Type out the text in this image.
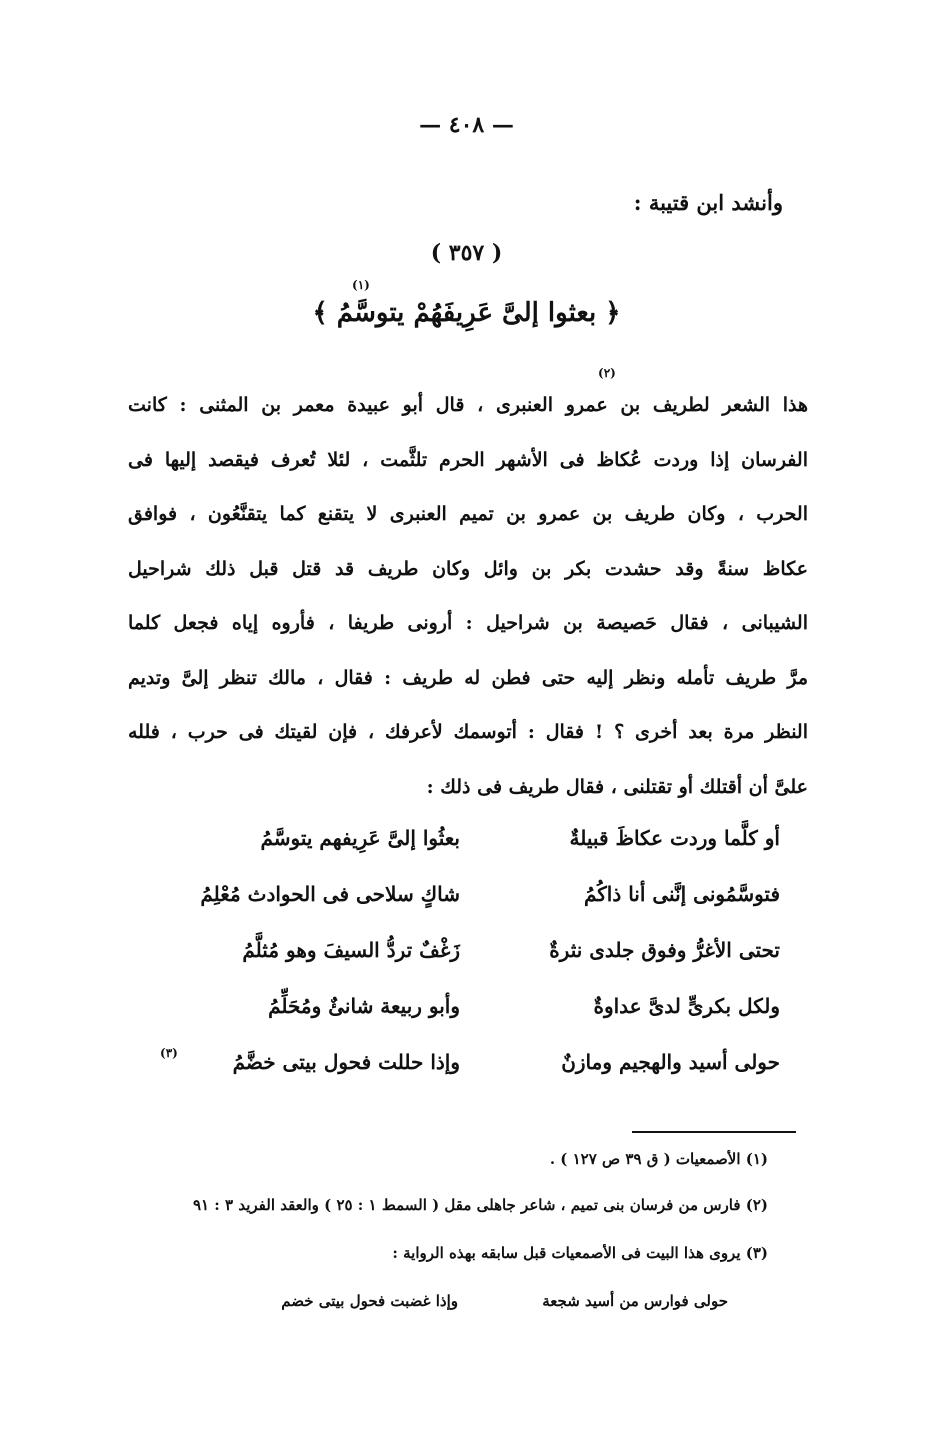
— ٤٠٨ —
وأنشد ابن قتيبة :
( ٣٥٧ )
(١)
﴿ بعثوا إلىَّ عَرِيفَهُمْ يتوسَّمُ ﴾
(٢)
هذا الشعر لطريف بن عمرو العنبرى ، قال أبو عبيدة معمر بن المثنى : كانت
الفرسان إذا وردت عُكاظ فى الأشهر الحرم تلثَّمت ، لئلا تُعرف فيقصد إليها فى
الحرب ، وكان طريف بن عمرو بن تميم العنبرى لا يتقنع كما يتقنَّعُون ، فوافق
عكاظ سنةً وقد حشدت بكر بن وائل وكان طريف قد قتل قبل ذلك شراحيل
الشيبانى ، فقال حَصيصة بن شراحيل : أرونى طريفا ، فأروه إياه فجعل كلما
مرَّ طريف تأمله ونظر إليه حتى فطن له طريف : فقال ، مالك تنظر إلىَّ وتديم
النظر مرة بعد أخرى ؟ ! فقال : أتوسمك لأعرفك ، فإن لقيتك فى حرب ، فلله
علىَّ أن أقتلك أو تقتلنى ، فقال طريف فى ذلك :
أو كلَّما وردت عكاظَ قبيلةٌ
بعثُوا إلىَّ عَرِيفهم يتوسَّمُ
فتوسَّمُونى إنَّنى أنا ذاكُمُ
شاكٍ سلاحى فى الحوادث مُعْلِمُ
تحتى الأغرُّ وفوق جلدى نثرةٌ
زَغْفٌ تردُّ السيفَ وهو مُثلَّمُ
ولكل بكرىٍّ لدىَّ عداوةٌ
وأبو ربيعة شانئٌ ومُحَلِّمُ
حولى أسيد والهجيم ومازنٌ
وإذا حللت فحول بيتى خضَّمُ
(٣)
(١) الأصمعيات ( ق ٣٩ ص ١٢٧ ) .
(٢) فارس من فرسان بنى تميم ، شاعر جاهلى مقل ( السمط ١ : ٢٥ ) والعقد الفريد ٣ : ٩١
(٣) يروى هذا البيت فى الأصمعيات قبل سابقه بهذه الرواية :
حولى فوارس من أسيد شجعة
وإذا غضبت فحول بيتى خضم
